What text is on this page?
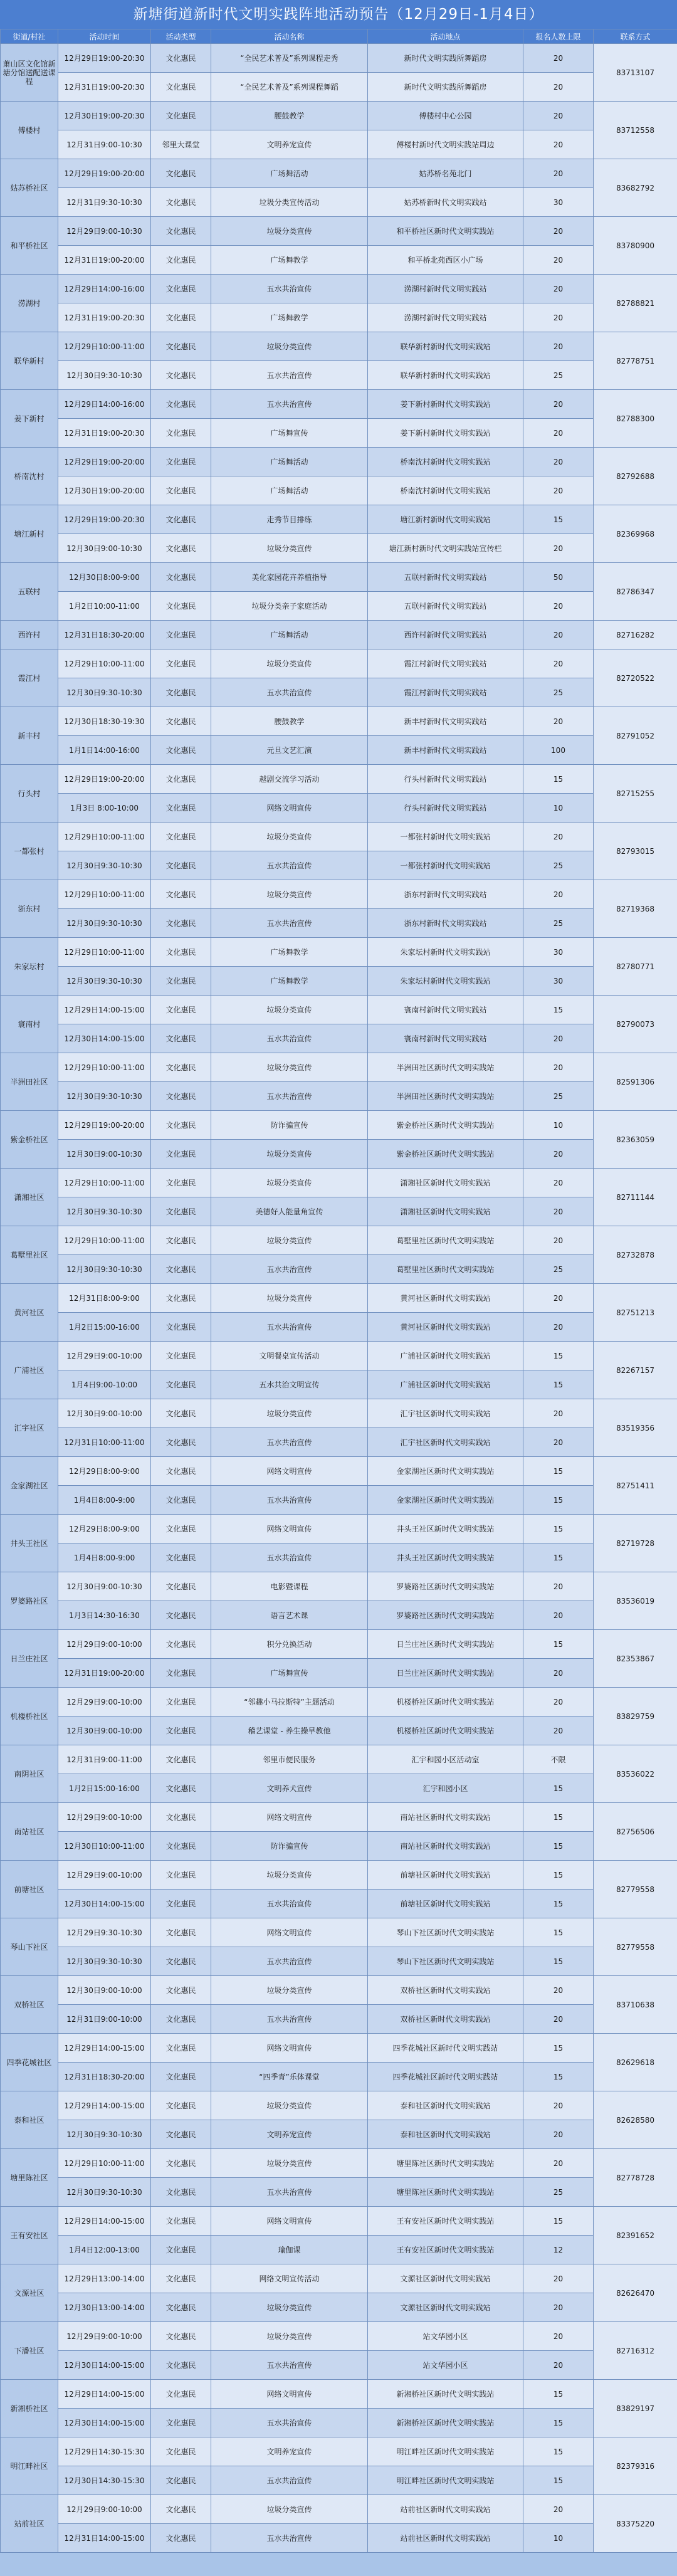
新塘街道新时代文明实践阵地活动预告（12月29日-1月4日）
街道/村社	活动时间	活动类型	活动名称	活动地点	报名人数上限	联系方式
萧山区文化馆新塘分馆送配送课程	12月29日19:00-20:30	文化惠民	“全民艺术普及”系列课程走秀	新时代文明实践所舞蹈房	20	83713107
	12月31日19:00-20:30	文化惠民	“全民艺术普及”系列课程舞蹈	新时代文明实践所舞蹈房	20	
傅楼村	12月30日19:00-20:30	文化惠民	腰鼓教学	傅楼村中心公园	20	83712558
	12月31日9:00-10:30	邻里大课堂	文明养宠宣传	傅楼村新时代文明实践站周边	20	
姑苏桥社区	12月29日19:00-20:00	文化惠民	广场舞活动	姑苏桥名苑北门	20	83682792
	12月31日9:30-10:30	文化惠民	垃圾分类宣传活动	姑苏桥新时代文明实践站	30	
和平桥社区	12月29日9:00-10:30	文化惠民	垃圾分类宣传	和平桥社区新时代文明实践站	20	83780900
	12月31日19:00-20:00	文化惠民	广场舞教学	和平桥北苑西区小广场	20	
涝湖村	12月29日14:00-16:00	文化惠民	五水共治宣传	涝湖村新时代文明实践站	20	82788821
	12月31日19:00-20:30	文化惠民	广场舞教学	涝湖村新时代文明实践站	20	
联华新村	12月29日10:00-11:00	文化惠民	垃圾分类宣传	联华新村新时代文明实践站	20	82778751
	12月30日9:30-10:30	文化惠民	五水共治宣传	联华新村新时代文明实践站	25	
姜下新村	12月29日14:00-16:00	文化惠民	五水共治宣传	姜下新村新时代文明实践站	20	82788300
	12月31日19:00-20:30	文化惠民	广场舞宣传	姜下新村新时代文明实践站	20	
桥南沈村	12月29日19:00-20:00	文化惠民	广场舞活动	桥南沈村新时代文明实践站	20	82792688
	12月30日19:00-20:00	文化惠民	广场舞活动	桥南沈村新时代文明实践站	20	
塘江新村	12月29日19:00-20:30	文化惠民	走秀节目排练	塘江新村新时代文明实践站	15	82369968
	12月30日9:00-10:30	文化惠民	垃圾分类宣传	塘江新村新时代文明实践站宣传栏	20	
五联村	12月30日8:00-9:00	文化惠民	美化家园花卉养植指导	五联村新时代文明实践站	50	82786347
	1月2日10:00-11:00	文化惠民	垃圾分类亲子家庭活动	五联村新时代文明实践站	20	
西许村	12月31日18:30-20:00	文化惠民	广场舞活动	西许村新时代文明实践站	20	82716282
霞江村	12月29日10:00-11:00	文化惠民	垃圾分类宣传	霞江村新时代文明实践站	20	82720522
	12月30日9:30-10:30	文化惠民	五水共治宣传	霞江村新时代文明实践站	25	
新丰村	12月30日18:30-19:30	文化惠民	腰鼓教学	新丰村新时代文明实践站	20	82791052
	1月1日14:00-16:00	文化惠民	元旦文艺汇演	新丰村新时代文明实践站	100	
行头村	12月29日19:00-20:00	文化惠民	越剧交流学习活动	行头村新时代文明实践站	15	82715255
	1月3日 8:00-10:00	文化惠民	网络文明宣传	行头村新时代文明实践站	10	
一都张村	12月29日10:00-11:00	文化惠民	垃圾分类宣传	一都张村新时代文明实践站	20	82793015
	12月30日9:30-10:30	文化惠民	五水共治宣传	一都张村新时代文明实践站	25	
浙东村	12月29日10:00-11:00	文化惠民	垃圾分类宣传	浙东村新时代文明实践站	20	82719368
	12月30日9:30-10:30	文化惠民	五水共治宣传	浙东村新时代文明实践站	25	
朱家坛村	12月29日10:00-11:00	文化惠民	广场舞教学	朱家坛村新时代文明实践站	30	82780771
	12月30日9:30-10:30	文化惠民	广场舞教学	朱家坛村新时代文明实践站	30	
寰南村	12月29日14:00-15:00	文化惠民	垃圾分类宣传	寰南村新时代文明实践站	15	82790073
	12月30日14:00-15:00	文化惠民	五水共治宣传	寰南村新时代文明实践站	20	
半洲田社区	12月29日10:00-11:00	文化惠民	垃圾分类宣传	半洲田社区新时代文明实践站	20	82591306
	12月30日9:30-10:30	文化惠民	五水共治宣传	半洲田社区新时代文明实践站	25	
紫金桥社区	12月29日19:00-20:00	文化惠民	防诈骗宣传	紫金桥社区新时代文明实践站	10	82363059
	12月30日9:00-10:30	文化惠民	垃圾分类宣传	紫金桥社区新时代文明实践站	20	
潇湘社区	12月29日10:00-11:00	文化惠民	垃圾分类宣传	潇湘社区新时代文明实践站	20	82711144
	12月30日9:30-10:30	文化惠民	美德好人能量角宣传	潇湘社区新时代文明实践站	20	
葛墅里社区	12月29日10:00-11:00	文化惠民	垃圾分类宣传	葛墅里社区新时代文明实践站	20	82732878
	12月30日9:30-10:30	文化惠民	五水共治宣传	葛墅里社区新时代文明实践站	25	
黄河社区	12月31日8:00-9:00	文化惠民	垃圾分类宣传	黄河社区新时代文明实践站	20	82751213
	1月2日15:00-16:00	文化惠民	五水共治宣传	黄河社区新时代文明实践站	20	
广浦社区	12月29日9:00-10:00	文化惠民	文明餐桌宣传活动	广浦社区新时代文明实践站	15	82267157
	1月4日9:00-10:00	文化惠民	五水共治文明宣传	广浦社区新时代文明实践站	15	
汇宇社区	12月30日9:00-10:00	文化惠民	垃圾分类宣传	汇宇社区新时代文明实践站	20	83519356
	12月31日10:00-11:00	文化惠民	五水共治宣传	汇宇社区新时代文明实践站	20	
金家湖社区	12月29日8:00-9:00	文化惠民	网络文明宣传	金家湖社区新时代文明实践站	15	82751411
	1月4日8:00-9:00	文化惠民	五水共治宣传	金家湖社区新时代文明实践站	15	
井头王社区	12月29日8:00-9:00	文化惠民	网络文明宣传	井头王社区新时代文明实践站	15	82719728
	1月4日8:00-9:00	文化惠民	五水共治宣传	井头王社区新时代文明实践站	15	
罗婆路社区	12月30日9:00-10:30	文化惠民	电影暨课程	罗婆路社区新时代文明实践站	20	83536019
	1月3日14:30-16:30	文化惠民	语言艺术课	罗婆路社区新时代文明实践站	20	
日兰庄社区	12月29日9:00-10:00	文化惠民	积分兑换活动	日兰庄社区新时代文明实践站	15	82353867
	12月31日19:00-20:00	文化惠民	广场舞宣传	日兰庄社区新时代文明实践站	20	
机楼桥社区	12月29日9:00-10:00	文化惠民	“邻趣小马拉斯特”主题活动	机楼桥社区新时代文明实践站	20	83829759
	12月30日9:00-10:00	文化惠民	稽艺课堂 - 养生操早教他	机楼桥社区新时代文明实践站	20	
南阴社区	12月31日9:00-11:00	文化惠民	邻里市便民服务	汇宇和园小区活动室	不限	83536022
	1月2日15:00-16:00	文化惠民	文明养犬宣传	汇宇和园小区	15	
南站社区	12月29日9:00-10:00	文化惠民	网络文明宣传	南站社区新时代文明实践站	15	82756506
	12月30日10:00-11:00	文化惠民	防诈骗宣传	南站社区新时代文明实践站	15	
前塘社区	12月29日9:00-10:00	文化惠民	垃圾分类宣传	前塘社区新时代文明实践站	15	82779558
	12月30日14:00-15:00	文化惠民	五水共治宣传	前塘社区新时代文明实践站	15	
琴山下社区	12月29日9:30-10:30	文化惠民	网络文明宣传	琴山下社区新时代文明实践站	15	82779558
	12月30日9:30-10:30	文化惠民	五水共治宣传	琴山下社区新时代文明实践站	15	
双桥社区	12月30日9:00-10:00	文化惠民	垃圾分类宣传	双桥社区新时代文明实践站	20	83710638
	12月31日9:00-10:00	文化惠民	五水共治宣传	双桥社区新时代文明实践站	20	
四季花城社区	12月29日14:00-15:00	文化惠民	网络文明宣传	四季花城社区新时代文明实践站	15	82629618
	12月31日18:30-20:00	文化惠民	“四季青”乐体课堂	四季花城社区新时代文明实践站	15	
泰和社区	12月29日14:00-15:00	文化惠民	垃圾分类宣传	泰和社区新时代文明实践站	20	82628580
	12月30日9:30-10:30	文化惠民	文明养宠宣传	泰和社区新时代文明实践站	20	
塘里陈社区	12月29日10:00-11:00	文化惠民	垃圾分类宣传	塘里陈社区新时代文明实践站	20	82778728
	12月30日9:30-10:30	文化惠民	五水共治宣传	塘里陈社区新时代文明实践站	25	
王有安社区	12月29日14:00-15:00	文化惠民	网络文明宣传	王有安社区新时代文明实践站	15	82391652
	1月4日12:00-13:00	文化惠民	瑜伽课	王有安社区新时代文明实践站	12	
文源社区	12月29日13:00-14:00	文化惠民	网络文明宣传活动	文源社区新时代文明实践站	20	82626470
	12月30日13:00-14:00	文化惠民	垃圾分类宣传	文源社区新时代文明实践站	20	
下潘社区	12月29日9:00-10:00	文化惠民	垃圾分类宣传	站文华园小区	20	82716312
	12月30日14:00-15:00	文化惠民	五水共治宣传	站文华园小区	20	
新湘桥社区	12月29日14:00-15:00	文化惠民	网络文明宣传	新湘桥社区新时代文明实践站	15	83829197
	12月30日14:00-15:00	文化惠民	五水共治宣传	新湘桥社区新时代文明实践站	15	
明江畔社区	12月29日14:30-15:30	文化惠民	文明养宠宣传	明江畔社区新时代文明实践站	15	82379316
	12月30日14:30-15:30	文化惠民	五水共治宣传	明江畔社区新时代文明实践站	15	
站前社区	12月29日9:00-10:00	文化惠民	垃圾分类宣传	站前社区新时代文明实践站	20	83375220
	12月31日14:00-15:00	文化惠民	五水共治宣传	站前社区新时代文明实践站	10	
